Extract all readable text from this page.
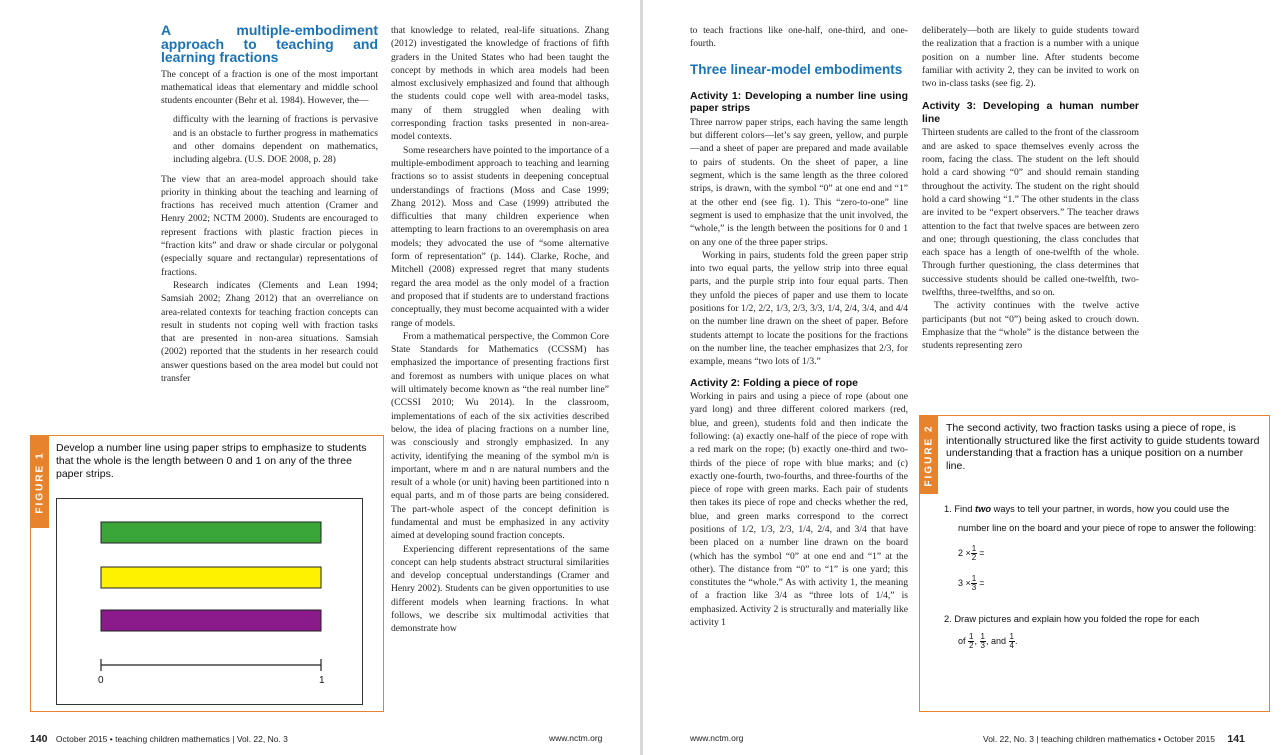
A multiple-embodiment approach to teaching and learning fractions

The concept of a fraction is one of the most important mathematical ideas that elementary and middle school students encounter (Behr et al. 1984). However, the—

difficulty with the learning of fractions is pervasive and is an obstacle to further progress in mathematics and other domains dependent on mathematics, including algebra. (U.S. DOE 2008, p. 28)

The view that an area-model approach should take priority in thinking about the teaching and learning of fractions has received much attention (Cramer and Henry 2002; NCTM 2000). Students are encouraged to represent fractions with plastic fraction pieces in “fraction kits” and draw or shade circular or polygonal (especially square and rectangular) representations of fractions.

Research indicates (Clements and Lean 1994; Samsiah 2002; Zhang 2012) that an overreliance on area-related contexts for teaching fraction concepts can result in students not coping well with fraction tasks that are presented in non-area situations. Samsiah (2002) reported that the students in her research could answer questions based on the area model but could not transfer

that knowledge to related, real-life situations. Zhang (2012) investigated the knowledge of fractions of fifth graders in the United States who had been taught the concept by methods in which area models had been almost exclusively emphasized and found that although the students could cope well with area-model tasks, many of them struggled when dealing with corresponding fraction tasks presented in non-area-model contexts.

Some researchers have pointed to the importance of a multiple-embodiment approach to teaching and learning fractions so to assist students in deepening conceptual understandings of fractions (Moss and Case 1999; Zhang 2012). Moss and Case (1999) attributed the difficulties that many children experience when attempting to learn fractions to an overemphasis on area models; they advocated the use of “some alternative form of representation” (p. 144). Clarke, Roche, and Mitchell (2008) expressed regret that many students regard the area model as the only model of a fraction and proposed that if students are to understand fractions conceptually, they must become acquainted with a wider range of models.

From a mathematical perspective, the Common Core State Standards for Mathematics (CCSSM) has emphasized the importance of presenting fractions first and foremost as numbers with unique places on what will ultimately become known as “the real number line” (CCSSI 2010; Wu 2014). In the classroom, implementations of each of the six activities described below, the idea of placing fractions on a number line, was consciously and strongly emphasized. In any activity, identifying the meaning of the symbol m/n is important, where m and n are natural numbers and the result of a whole (or unit) having been partitioned into n equal parts, and m of those parts are being considered. The part-whole aspect of the concept definition is fundamental and must be emphasized in any activity aimed at developing sound fraction concepts.

Experiencing different representations of the same concept can help students abstract structural similarities and develop conceptual understandings (Cramer and Henry 2002). Students can be given opportunities to use different models when learning fractions. In what follows, we describe six multimodal activities that demonstrate how

FIGURE 1
Develop a number line using paper strips to emphasize to students that the whole is the length between 0 and 1 on any of the three paper strips.
0	1
140 October 2015 • teaching children mathematics | Vol. 22, No. 3	www.nctm.org

to teach fractions like one-half, one-third, and one-fourth.

Three linear-model embodiments
Activity 1: Developing a number line using paper strips

Three narrow paper strips, each having the same length but different colors—let’s say green, yellow, and purple—and a sheet of paper are prepared and made available to pairs of students. On the sheet of paper, a line segment, which is the same length as the three colored strips, is drawn, with the symbol “0” at one end and “1” at the other end (see fig. 1). This “zero-to-one” line segment is used to emphasize that the unit involved, the “whole,” is the length between the positions for 0 and 1 on any one of the three paper strips.

Working in pairs, students fold the green paper strip into two equal parts, the yellow strip into three equal parts, and the purple strip into four equal parts. Then they unfold the pieces of paper and use them to locate positions for 1/2, 2/2, 1/3, 2/3, 3/3, 1/4, 2/4, 3/4, and 4/4 on the number line drawn on the sheet of paper. Before students attempt to locate the positions for the fractions on the number line, the teacher emphasizes that 2/3, for example, means “two lots of 1/3.”

Activity 2: Folding a piece of rope

Working in pairs and using a piece of rope (about one yard long) and three different colored markers (red, blue, and green), students fold and then indicate the following: (a) exactly one-half of the piece of rope with a red mark on the rope; (b) exactly one-third and two-thirds of the piece of rope with blue marks; and (c) exactly one-fourth, two-fourths, and three-fourths of the piece of rope with green marks. Each pair of students then takes its piece of rope and checks whether the red, blue, and green marks correspond to the correct positions of 1/2, 1/3, 2/3, 1/4, 2/4, and 3/4 that have been placed on a number line drawn on the board (which has the symbol “0” at one end and “1” at the other). The distance from “0” to “1” is one yard; this constitutes the “whole.” As with activity 1, the meaning of a fraction like 3/4 as “three lots of 1/4,” is emphasized. Activity 2 is structurally and materially like activity 1

deliberately—both are likely to guide students toward the realization that a fraction is a number with a unique position on a number line. After students become familiar with activity 2, they can be invited to work on two in-class tasks (see fig. 2).

Activity 3: Developing a human number line

Thirteen students are called to the front of the classroom and are asked to space themselves evenly across the room, facing the class. The student on the left should hold a card showing “0” and should remain standing throughout the activity. The student on the right should hold a card showing “1.” The other students in the class are invited to be “expert observers.” The teacher draws attention to the fact that twelve spaces are between zero and one; through questioning, the class concludes that each space has a length of one-twelfth of the whole. Through further questioning, the class determines that successive students should be called one-twelfth, two-twelfths, three-twelfths, and so on.

The activity continues with the twelve active participants (but not “0”) being asked to crouch down. Emphasize that the “whole” is the distance between the students representing zero

FIGURE 2 The second activity, two fraction tasks using a piece of rope, is intentionally structured like the first activity to guide students toward understanding that a fraction has a unique position on a number line.
1. Find two ways to tell your partner, in words, how you could use the number line on the board and your piece of rope to answer the following:
$2 \times \frac{1}{2}$ =
$3 \times \frac{1}{3}$ =
2. Draw pictures and explain how you folded the rope for each
of
$\frac{1}{2}$ ,
$\frac{1}{3}$ , and
$\frac{1}{4}$ .
www.nctm.org	Vol. 22, No. 3 | teaching children mathematics • October 2015 141
